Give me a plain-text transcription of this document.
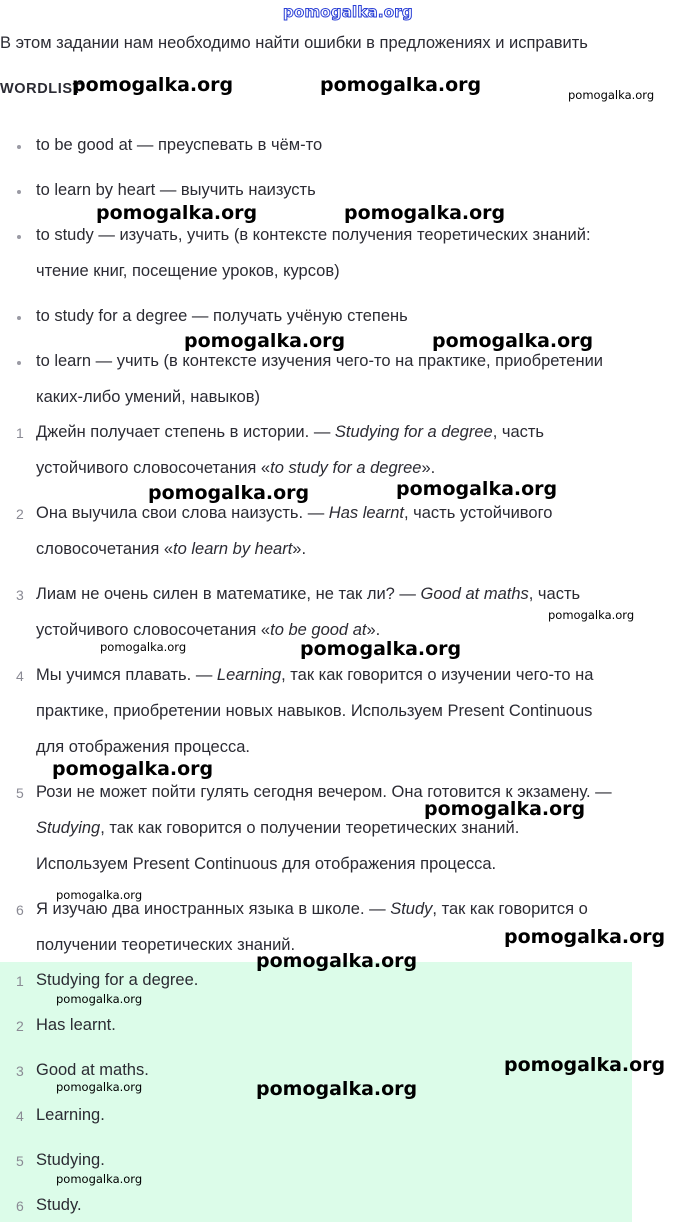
pomogalka.org
В этом задании нам необходимо найти ошибки в предложениях и исправить
WORDLIST
to be good at — преуспевать в чём-то
to learn by heart — выучить наизусть
to study — изучать, учить (в контексте получения теоретических знаний:
чтение книг, посещение уроков, курсов)
to study for a degree — получать учёную степень
to learn — учить (в контексте изучения чего-то на практике, приобретении
каких-либо умений, навыков)
1 Джейн получает степень в истории. — Studying for a degree, часть
устойчивого словосочетания «to study for a degree».
2 Она выучила свои слова наизусть. — Has learnt, часть устойчивого
словосочетания «to learn by heart».
3 Лиам не очень силен в математике, не так ли? — Good at maths, часть
устойчивого словосочетания «to be good at».
4 Мы учимся плавать. — Learning, так как говорится о изучении чего-то на
практике, приобретении новых навыков. Используем Present Continuous
для отображения процесса.
5 Рози не может пойти гулять сегодня вечером. Она готовится к экзамену. —
Studying, так как говорится о получении теоретических знаний.
Используем Present Continuous для отображения процесса.
6 Я изучаю два иностранных языка в школе. — Study, так как говорится о
получении теоретических знаний.
1 Studying for a degree.
2 Has learnt.
3 Good at maths.
4 Learning.
5 Studying.
6 Study.
pomogalka.org	pomogalka.org	pomogalka.org
pomogalka.org	pomogalka.org
pomogalka.org	pomogalka.org
pomogalka.org	pomogalka.org
pomogalka.org
pomogalka.org	pomogalka.org
pomogalka.org
pomogalka.org
pomogalka.org
pomogalka.org
pomogalka.org
pomogalka.org
pomogalka.org
pomogalka.org	pomogalka.org
pomogalka.org
